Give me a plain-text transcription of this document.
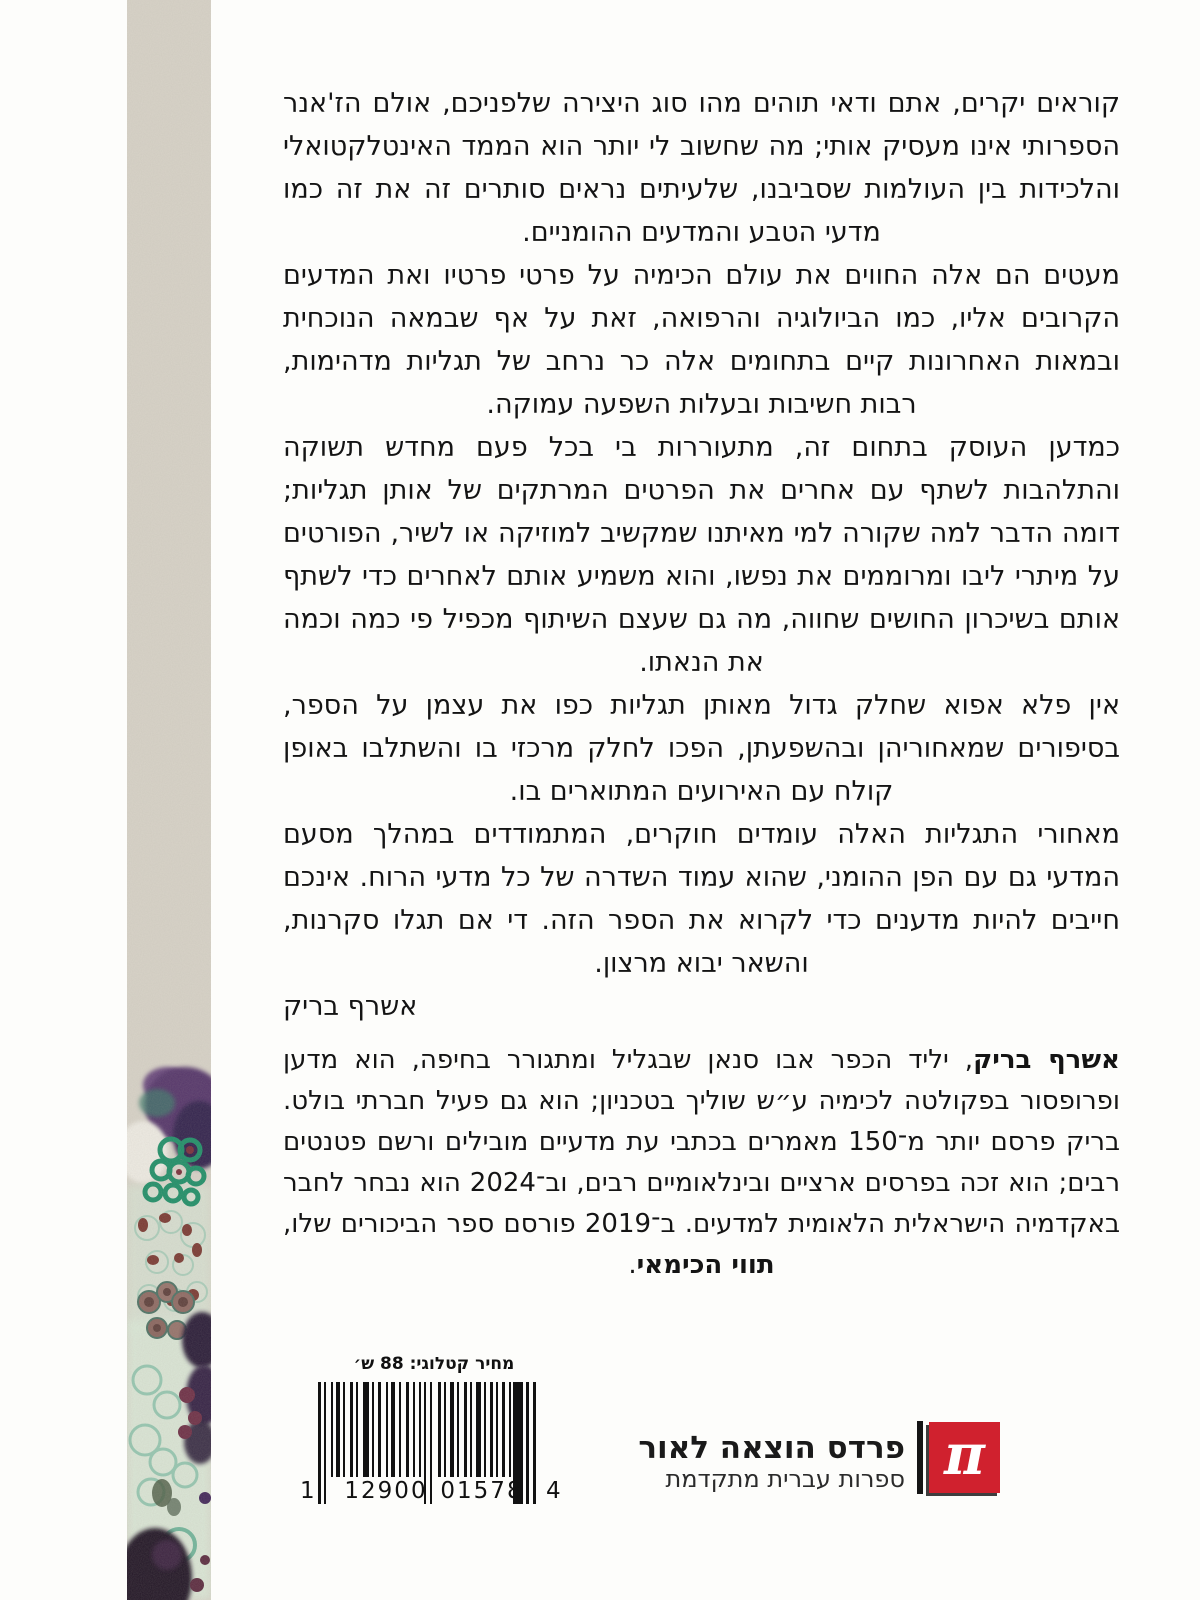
קוראים יקרים, אתם ודאי תוהים מהו סוג היצירה שלפניכם, אולם הז'אנר הספרותי אינו מעסיק אותי; מה שחשוב לי יותר הוא הממד האינטלקטואלי והלכידות בין העולמות שסביבנו, שלעיתים נראים סותרים זה את זה כמו מדעי הטבע והמדעים ההומניים.

מעטים הם אלה החווים את עולם הכימיה על פרטי פרטיו ואת המדעים הקרובים אליו, כמו הביולוגיה והרפואה, זאת על אף שבמאה הנוכחית ובמאות האחרונות קיים בתחומים אלה כר נרחב של תגליות מדהימות, רבות חשיבות ובעלות השפעה עמוקה.

כמדען העוסק בתחום זה, מתעוררות בי בכל פעם מחדש תשוקה והתלהבות לשתף עם אחרים את הפרטים המרתקים של אותן תגליות; דומה הדבר למה שקורה למי מאיתנו שמקשיב למוזיקה או לשיר, הפורטים על מיתרי ליבו ומרוממים את נפשו, והוא משמיע אותם לאחרים כדי לשתף אותם בשיכרון החושים שחווה, מה גם שעצם השיתוף מכפיל פי כמה וכמה את הנאתו.

אין פלא אפוא שחלק גדול מאותן תגליות כפו את עצמן על הספר, בסיפורים שמאחוריהן ובהשפעתן, הפכו לחלק מרכזי בו והשתלבו באופן קולח עם האירועים המתוארים בו.

מאחורי התגליות האלה עומדים חוקרים, המתמודדים במהלך מסעם המדעי גם עם הפן ההומני, שהוא עמוד השדרה של כל מדעי הרוח. אינכם חייבים להיות מדענים כדי לקרוא את הספר הזה. די אם תגלו סקרנות, והשאר יבוא מרצון.

אשרף בריק

אשרף בריק, יליד הכפר אבו סנאן שבגליל ומתגורר בחיפה, הוא מדען ופרופסור בפקולטה לכימיה ע״ש שוליך בטכניון; הוא גם פעיל חברתי בולט. בריק פרסם יותר מ־150 מאמרים בכתבי עת מדעיים מובילים ורשם פטנטים רבים; הוא זכה בפרסים ארציים ובינלאומיים רבים, וב־2024 הוא נבחר לחבר באקדמיה הישראלית הלאומית למדעים. ב־2019 פורסם ספר הביכורים שלו, תווי הכימאי.

מחיר קטלוגי: 88 ש׳
1 12900 01578 4
π
פרדס הוצאה לאור
ספרות עברית מתקדמת
